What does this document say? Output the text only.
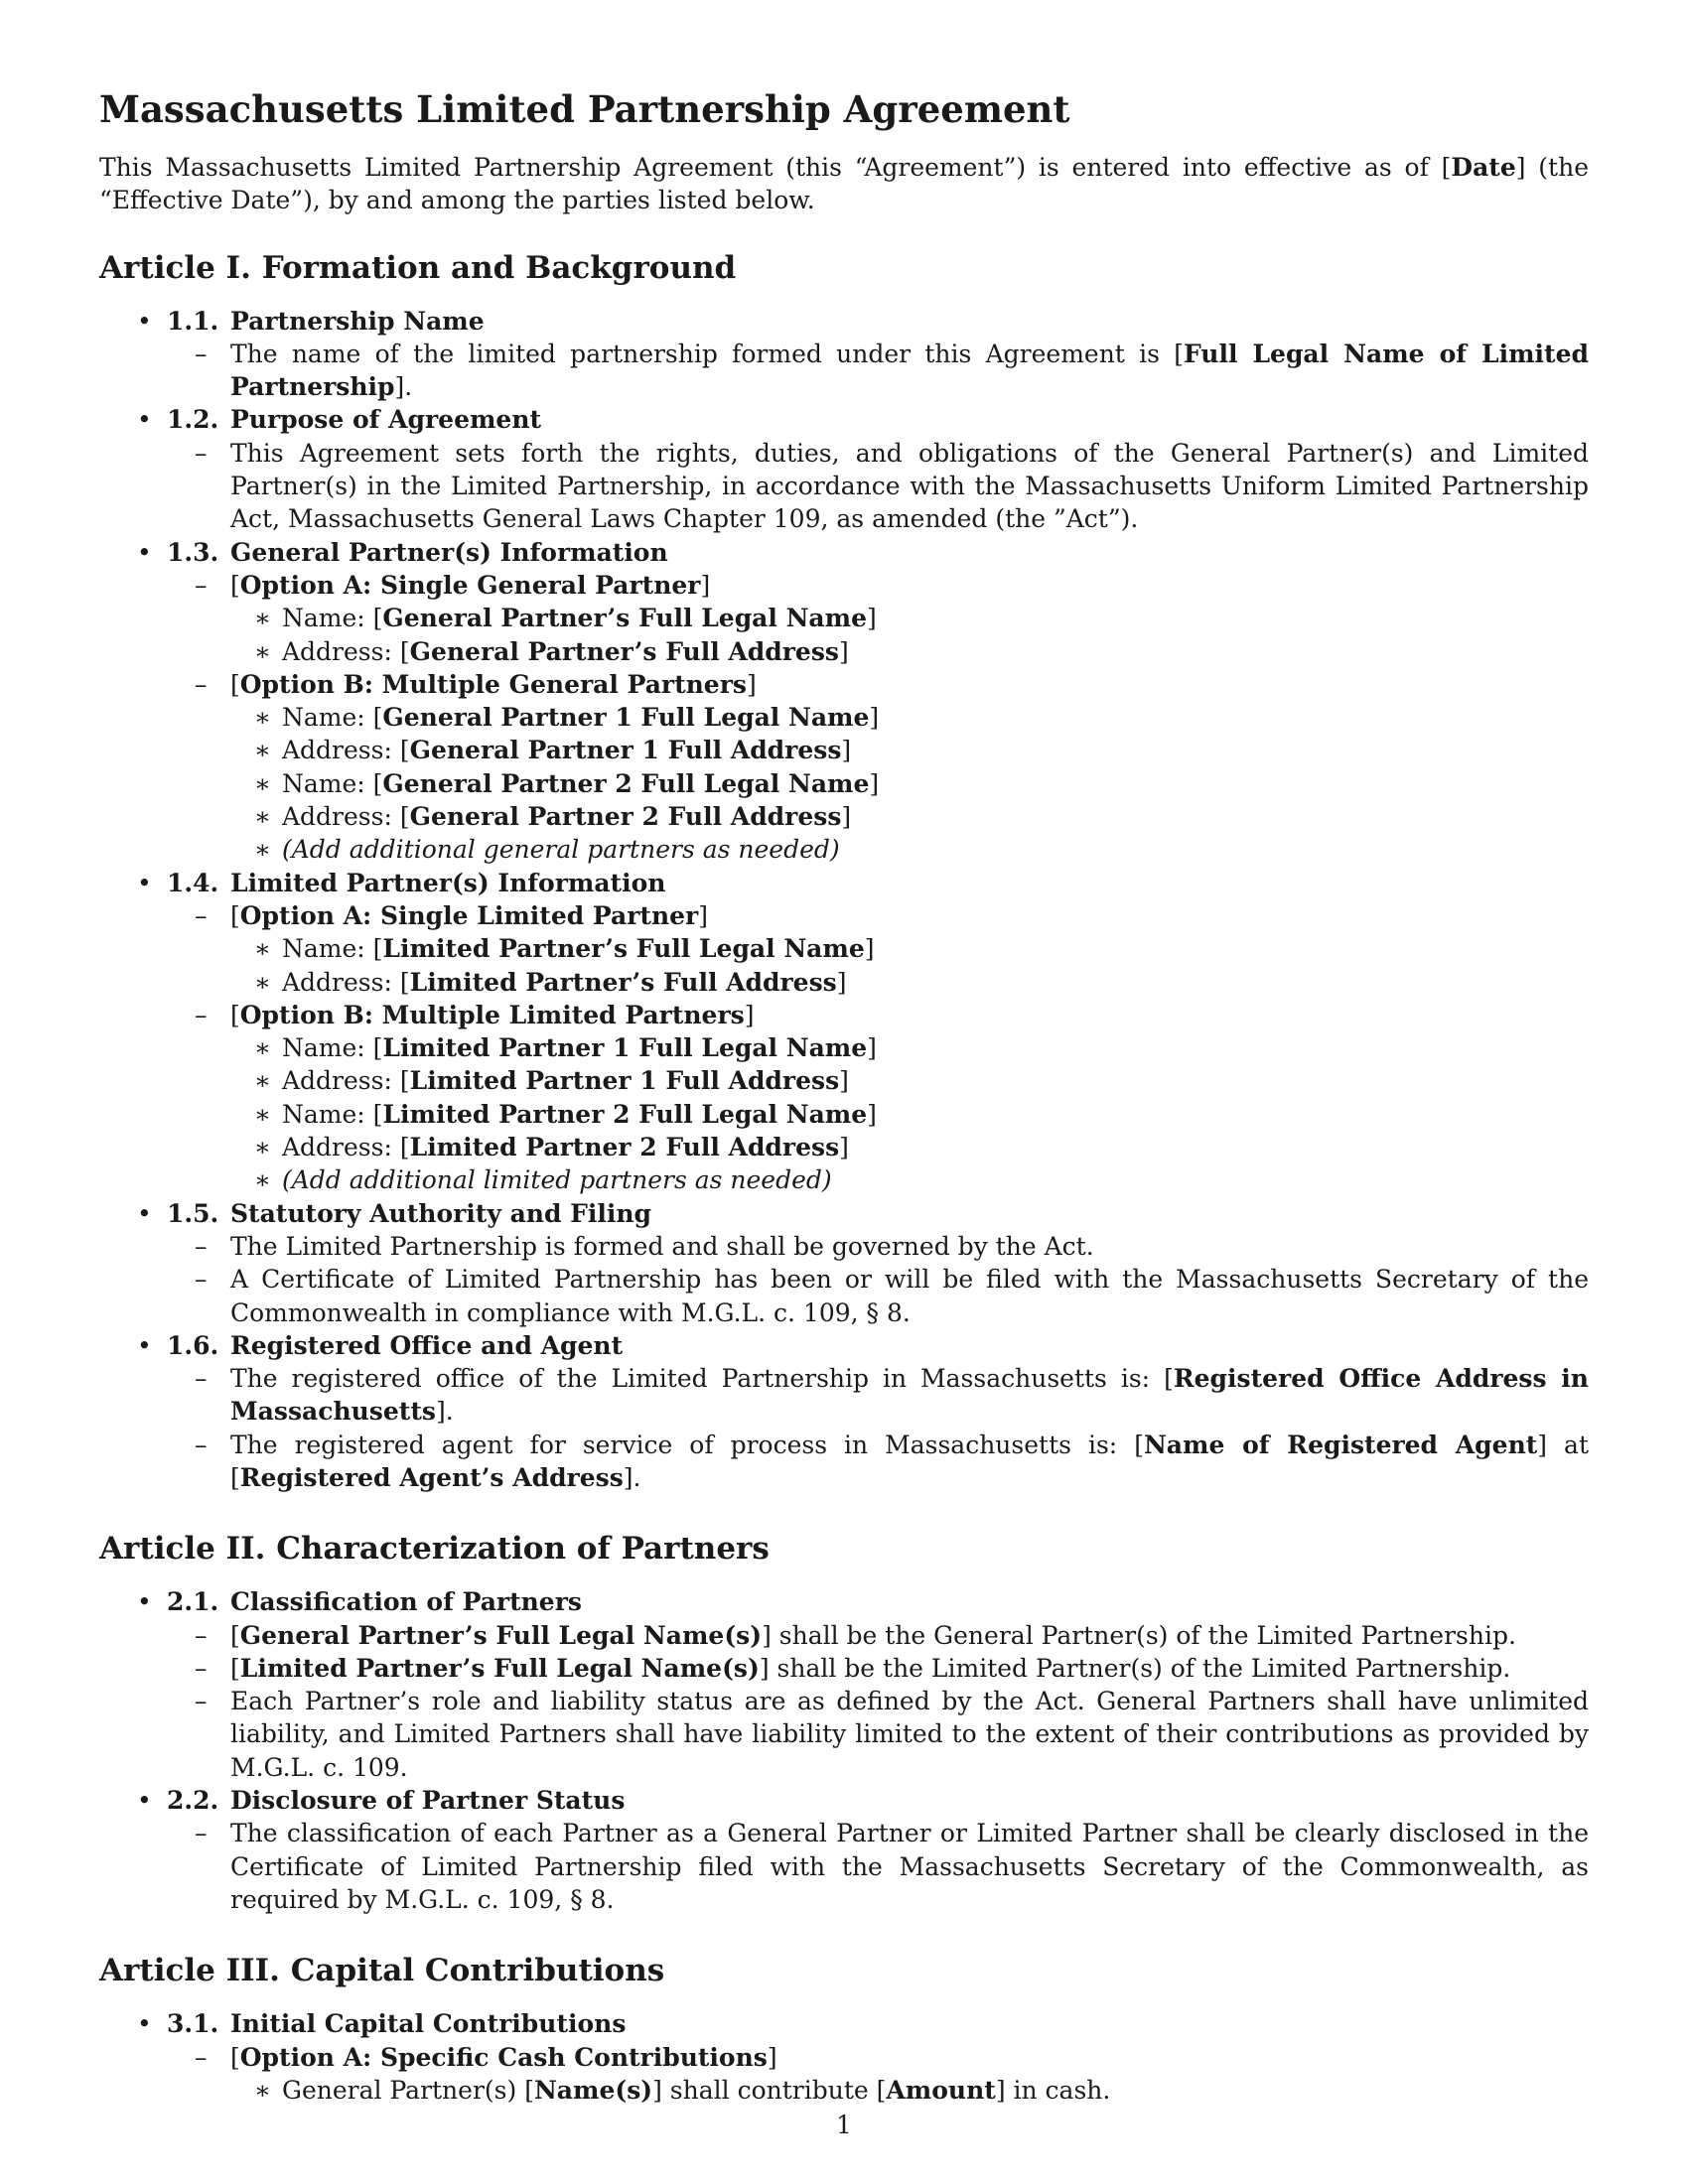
Massachusetts Limited Partnership Agreement

This Massachusetts Limited Partnership Agreement (this “Agreement”) is entered into effective as of [Date] (the “Effective Date”), by and among the parties listed below.

Article I. Formation and Background
• 1.1. Partnership Name
– The name of the limited partnership formed under this Agreement is [Full Legal Name of Limited Partnership].
• 1.2. Purpose of Agreement
– This Agreement sets forth the rights, duties, and obligations of the General Partner(s) and Limited Partner(s) in the Limited Partnership, in accordance with the Massachusetts Uniform Limited Partnership Act, Massachusetts General Laws Chapter 109, as amended (the ”Act”).
• 1.3. General Partner(s) Information
– [Option A: Single General Partner]
∗ Name: [General Partner’s Full Legal Name]
∗ Address: [General Partner’s Full Address]
– [Option B: Multiple General Partners]
∗ Name: [General Partner 1 Full Legal Name]
∗ Address: [General Partner 1 Full Address]
∗ Name: [General Partner 2 Full Legal Name]
∗ Address: [General Partner 2 Full Address]
∗ (Add additional general partners as needed)
• 1.4. Limited Partner(s) Information
– [Option A: Single Limited Partner]
∗ Name: [Limited Partner’s Full Legal Name]
∗ Address: [Limited Partner’s Full Address]
– [Option B: Multiple Limited Partners]
∗ Name: [Limited Partner 1 Full Legal Name]
∗ Address: [Limited Partner 1 Full Address]
∗ Name: [Limited Partner 2 Full Legal Name]
∗ Address: [Limited Partner 2 Full Address]
∗ (Add additional limited partners as needed)
• 1.5. Statutory Authority and Filing
– The Limited Partnership is formed and shall be governed by the Act.
– A Certificate of Limited Partnership has been or will be filed with the Massachusetts Secretary of the Commonwealth in compliance with M.G.L. c. 109, § 8.
• 1.6. Registered Office and Agent
– The registered office of the Limited Partnership in Massachusetts is: [Registered Office Address in Massachusetts].
– The registered agent for service of process in Massachusetts is: [Name of Registered Agent] at [Registered Agent’s Address].
Article II. Characterization of Partners
• 2.1. Classification of Partners
– [General Partner’s Full Legal Name(s)] shall be the General Partner(s) of the Limited Partnership.
– [Limited Partner’s Full Legal Name(s)] shall be the Limited Partner(s) of the Limited Partnership.
– Each Partner’s role and liability status are as defined by the Act. General Partners shall have unlimited liability, and Limited Partners shall have liability limited to the extent of their contributions as provided by M.G.L. c. 109.
• 2.2. Disclosure of Partner Status
– The classification of each Partner as a General Partner or Limited Partner shall be clearly disclosed in the Certificate of Limited Partnership filed with the Massachusetts Secretary of the Commonwealth, as required by M.G.L. c. 109, § 8.
Article III. Capital Contributions
• 3.1. Initial Capital Contributions
– [Option A: Specific Cash Contributions]
∗ General Partner(s) [Name(s)] shall contribute [Amount] in cash.
1
